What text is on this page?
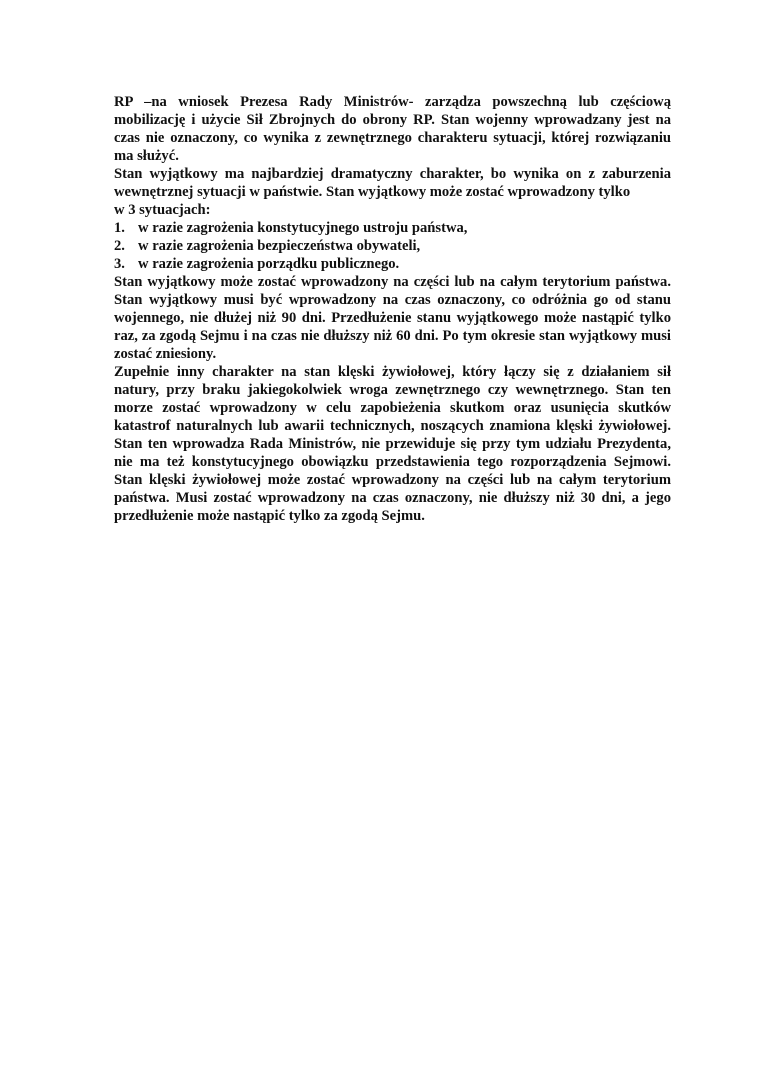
RP –na wniosek Prezesa Rady Ministrów- zarządza powszechną lub częściową mobilizację i użycie Sił Zbrojnych do obrony RP. Stan wojenny wprowadzany jest na czas nie oznaczony, co wynika z zewnętrznego charakteru sytuacji, której rozwiązaniu ma służyć.

Stan wyjątkowy ma najbardziej dramatyczny charakter, bo wynika on z zaburzenia wewnętrznej sytuacji w państwie. Stan wyjątkowy może zostać wprowadzony tylko

w 3 sytuacjach:

1. w razie zagrożenia konstytucyjnego ustroju państwa,
2. w razie zagrożenia bezpieczeństwa obywateli,
3. w razie zagrożenia porządku publicznego.

Stan wyjątkowy może zostać wprowadzony na części lub na całym terytorium państwa. Stan wyjątkowy musi być wprowadzony na czas oznaczony, co odróżnia go od stanu wojennego, nie dłużej niż 90 dni. Przedłużenie stanu wyjątkowego może nastąpić tylko raz, za zgodą Sejmu i na czas nie dłuższy niż 60 dni. Po tym okresie stan wyjątkowy musi zostać zniesiony.

Zupełnie inny charakter na stan klęski żywiołowej, który łączy się z działaniem sił natury, przy braku jakiegokolwiek wroga zewnętrznego czy wewnętrznego. Stan ten morze zostać wprowadzony w celu zapobieżenia skutkom oraz usunięcia skutków katastrof naturalnych lub awarii technicznych, noszących znamiona klęski żywiołowej. Stan ten wprowadza Rada Ministrów, nie przewiduje się przy tym udziału Prezydenta, nie ma też konstytucyjnego obowiązku przedstawienia tego rozporządzenia Sejmowi. Stan klęski żywiołowej może zostać wprowadzony na części lub na całym terytorium państwa. Musi zostać wprowadzony na czas oznaczony, nie dłuższy niż 30 dni, a jego przedłużenie może nastąpić tylko za zgodą Sejmu.
